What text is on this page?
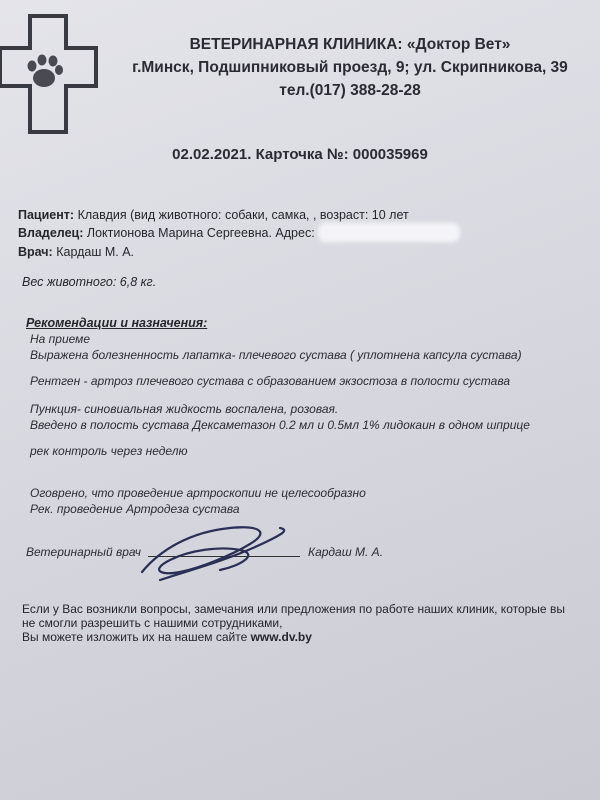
ВЕТЕРИНАРНАЯ КЛИНИКА: «Доктор Вет»
г.Минск, Подшипниковый проезд, 9; ул. Скрипникова, 39
тел.(017) 388-28-28
02.02.2021. Карточка №: 000035969
Пациент: Клавдия (вид животного: собаки, самка, , возраст: 10 лет
Владелец: Локтионова Марина Сергеевна. Адрес:
Врач: Кардаш М. А.
Вес животного: 6,8 кг.
Рекомендации и назначения:
На приеме
Выражена болезненность лапатка- плечевого сустава ( уплотнена капсула сустава)
Рентген - артроз плечевого сустава с образованием экзостоза в полости сустава
Пункция- синовиальная жидкость воспалена, розовая.
Введено в полость сустава Дексаметазон 0.2 мл и 0.5мл 1% лидокаин в одном шприце
рек контроль через неделю
Оговрено, что проведение артроскопии не целесообразно
Рек. проведение Артродеза сустава
Ветеринарный врач	Кардаш М. А.
Если у Вас возникли вопросы, замечания или предложения по работе наших клиник, которые вы
не смогли разрешить с нашими сотрудниками,
Вы можете изложить их на нашем сайте www.dv.by
